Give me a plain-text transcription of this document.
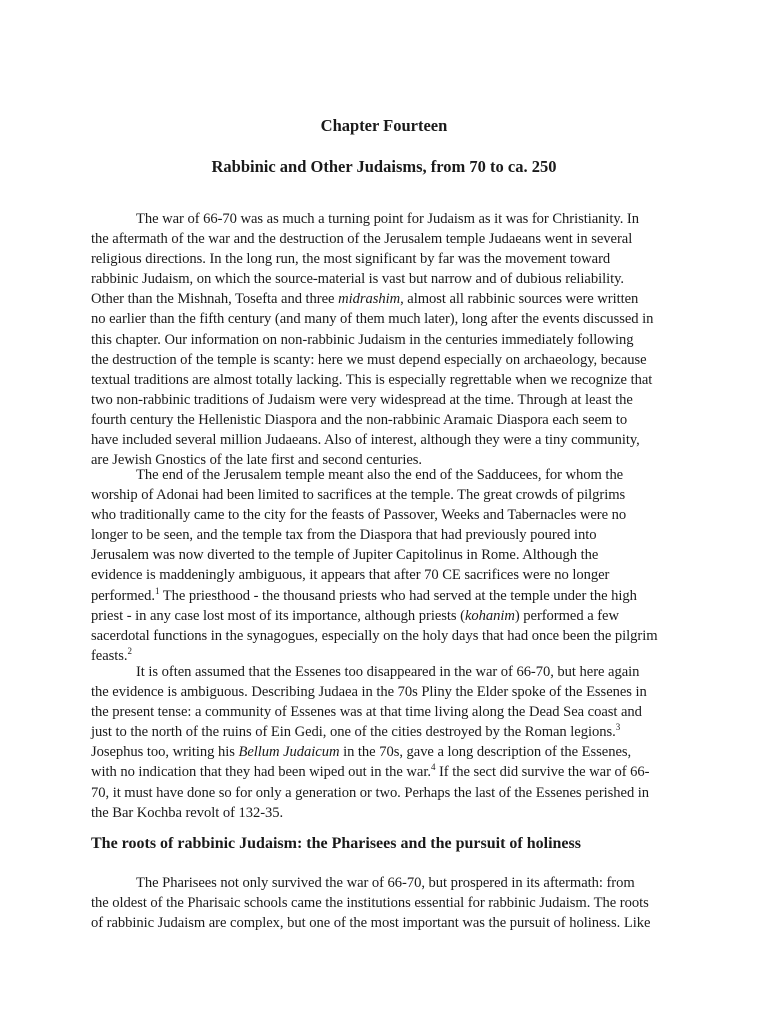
Chapter Fourteen
Rabbinic and Other Judaisms, from 70 to ca. 250

The war of 66-70 was as much a turning point for Judaism as it was for Christianity. In
the aftermath of the war and the destruction of the Jerusalem temple Judaeans went in several
religious directions. In the long run, the most significant by far was the movement toward
rabbinic Judaism, on which the source-material is vast but narrow and of dubious reliability.
Other than the Mishnah, Tosefta and three midrashim, almost all rabbinic sources were written
no earlier than the fifth century (and many of them much later), long after the events discussed in
this chapter. Our information on non-rabbinic Judaism in the centuries immediately following
the destruction of the temple is scanty: here we must depend especially on archaeology, because
textual traditions are almost totally lacking. This is especially regrettable when we recognize that
two non-rabbinic traditions of Judaism were very widespread at the time. Through at least the
fourth century the Hellenistic Diaspora and the non-rabbinic Aramaic Diaspora each seem to
have included several million Judaeans. Also of interest, although they were a tiny community,
are Jewish Gnostics of the late first and second centuries.

The end of the Jerusalem temple meant also the end of the Sadducees, for whom the
worship of Adonai had been limited to sacrifices at the temple. The great crowds of pilgrims
who traditionally came to the city for the feasts of Passover, Weeks and Tabernacles were no
longer to be seen, and the temple tax from the Diaspora that had previously poured into
Jerusalem was now diverted to the temple of Jupiter Capitolinus in Rome. Although the
evidence is maddeningly ambiguous, it appears that after 70 CE sacrifices were no longer
performed.$^1$ The priesthood - the thousand priests who had served at the temple under the high
priest - in any case lost most of its importance, although priests (kohanim) performed a few
sacerdotal functions in the synagogues, especially on the holy days that had once been the pilgrim
feasts.$^2$

It is often assumed that the Essenes too disappeared in the war of 66-70, but here again
the evidence is ambiguous. Describing Judaea in the 70s Pliny the Elder spoke of the Essenes in
the present tense: a community of Essenes was at that time living along the Dead Sea coast and
just to the north of the ruins of Ein Gedi, one of the cities destroyed by the Roman legions.$^3$
Josephus too, writing his Bellum Judaicum in the 70s, gave a long description of the Essenes,
with no indication that they had been wiped out in the war.$^4$ If the sect did survive the war of 66-
70, it must have done so for only a generation or two. Perhaps the last of the Essenes perished in
the Bar Kochba revolt of 132-35.

The roots of rabbinic Judaism: the Pharisees and the pursuit of holiness

The Pharisees not only survived the war of 66-70, but prospered in its aftermath: from
the oldest of the Pharisaic schools came the institutions essential for rabbinic Judaism. The roots
of rabbinic Judaism are complex, but one of the most important was the pursuit of holiness. Like
